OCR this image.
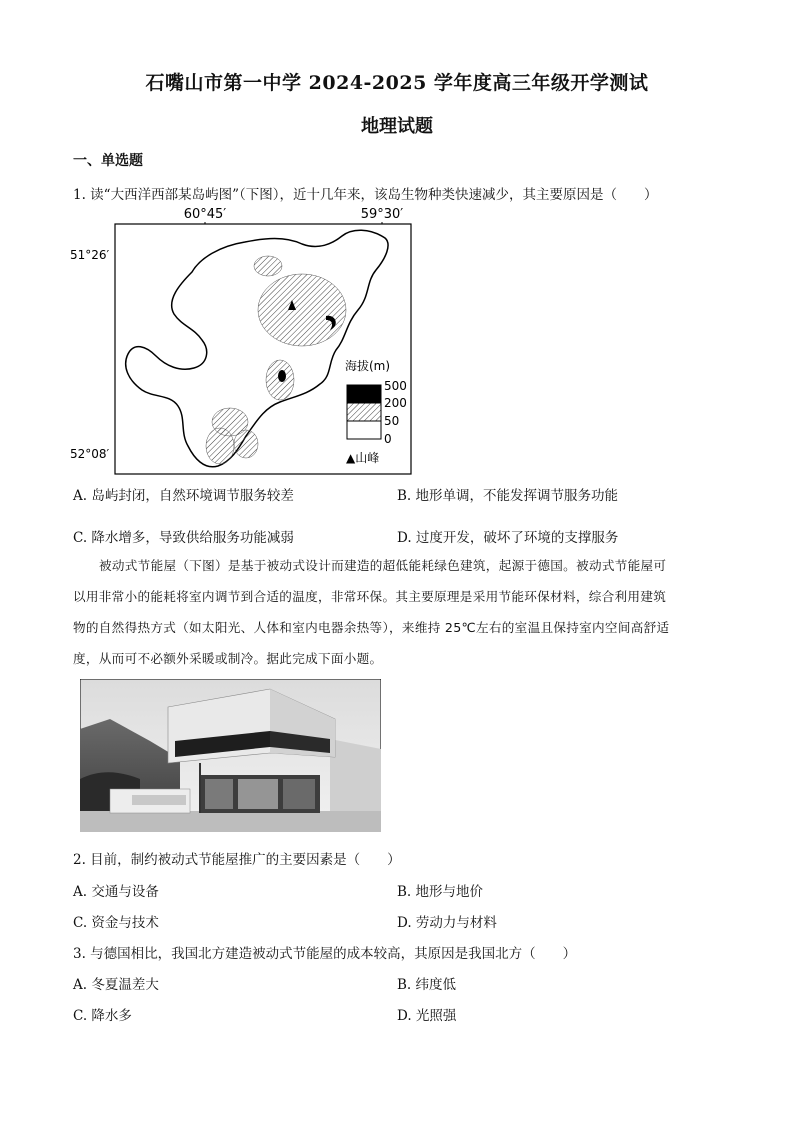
石嘴山市第一中学 2024-2025 学年度高三年级开学测试
地理试题
一、单选题
1. 读“大西洋西部某岛屿图”（下图），近十几年来，该岛生物种类快速减少，其主要原因是（　　）
60°45′	59°30′
51°26′
52°08′
海拔(m)
500
200
50
0
▲山峰
A. 岛屿封闭，自然环境调节服务较差	B. 地形单调，不能发挥调节服务功能
C. 降水增多，导致供给服务功能减弱	D. 过度开发，破坏了环境的支撑服务
被动式节能屋（下图）是基于被动式设计而建造的超低能耗绿色建筑，起源于德国。被动式节能屋可
以用非常小的能耗将室内调节到合适的温度，非常环保。其主要原理是采用节能环保材料，综合利用建筑
物的自然得热方式（如太阳光、人体和室内电器余热等），来维持 25℃左右的室温且保持室内空间高舒适
度，从而可不必额外采暖或制冷。据此完成下面小题。
2. 目前，制约被动式节能屋推广的主要因素是（　　）
A. 交通与设备	B. 地形与地价
C. 资金与技术	D. 劳动力与材料
3. 与德国相比，我国北方建造被动式节能屋的成本较高，其原因是我国北方（　　）
A. 冬夏温差大	B. 纬度低
C. 降水多	D. 光照强
